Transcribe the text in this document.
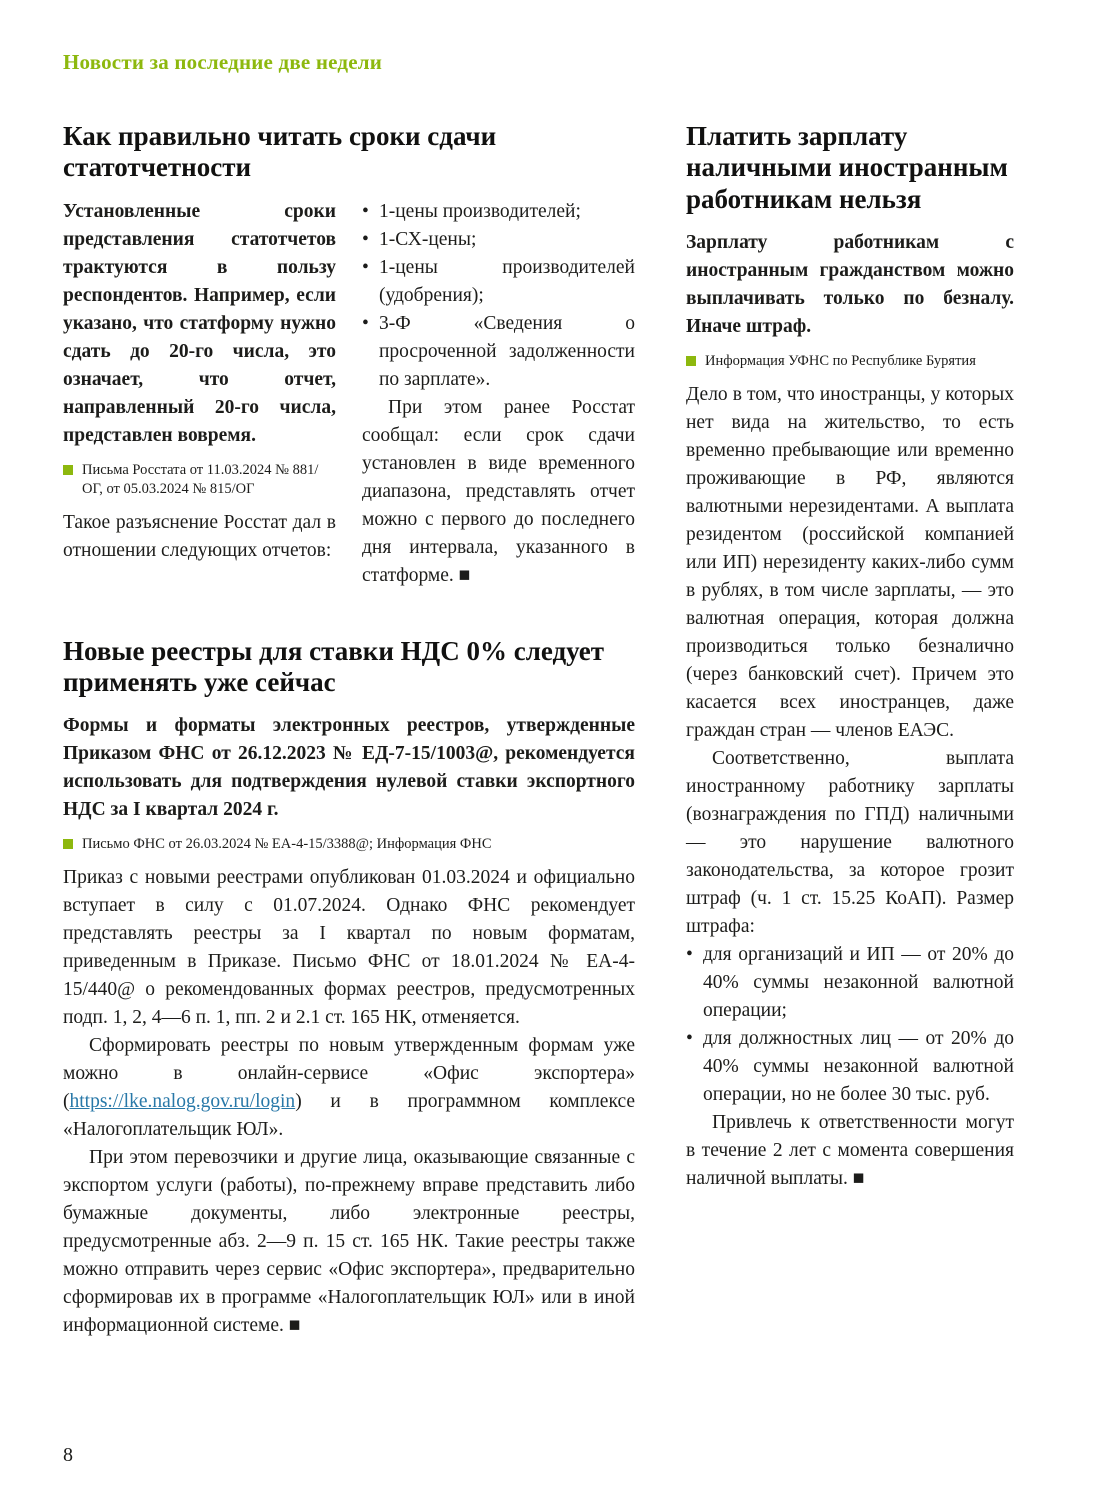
Новости за последние две недели
Как правильно читать сроки сдачи статотчетности

Установленные сроки представления статотчетов трактуются в пользу респондентов. Например, если указано, что статформу нужно сдать до 20-го числа, это означает, что отчет, направленный 20-го числа, представлен вовремя.

Письма Росстата от 11.03.2024 № 881/ОГ, от 05.03.2024 № 815/ОГ

Такое разъяснение Росстат дал в отношении следующих отчетов:

• 1-цены производителей;
• 1-СХ-цены;
• 1-цены производителей (удобрения);
• 3-Ф «Сведения о просроченной задолженности по зарплате».

При этом ранее Росстат сообщал: если срок сдачи установлен в виде временного диапазона, представлять отчет можно с первого до последнего дня интервала, указанного в статформе. ■

Новые реестры для ставки НДС 0% следует применять уже сейчас

Формы и форматы электронных реестров, утвержденные Приказом ФНС от 26.12.2023 № ЕД-7-15/1003@, рекомендуется использовать для подтверждения нулевой ставки экспортного НДС за I квартал 2024 г.

Письмо ФНС от 26.03.2024 № ЕА-4-15/3388@; Информация ФНС

Приказ с новыми реестрами опубликован 01.03.2024 и официально вступает в силу с 01.07.2024. Однако ФНС рекомендует представлять реестры за I квартал по новым форматам, приведенным в Приказе. Письмо ФНС от 18.01.2024 № ЕА-4-15/440@ о рекомендованных формах реестров, предусмотренных подп. 1, 2, 4—6 п. 1, пп. 2 и 2.1 ст. 165 НК, отменяется.

Сформировать реестры по новым утвержденным формам уже можно в онлайн-сервисе «Офис экспортера» (https://lke.nalog.gov.ru/login) и в программном комплексе «Налогоплательщик ЮЛ».

При этом перевозчики и другие лица, оказывающие связанные с экспортом услуги (работы), по-прежнему вправе представить либо бумажные документы, либо электронные реестры, предусмотренные абз. 2—9 п. 15 ст. 165 НК. Такие реестры также можно отправить через сервис «Офис экспортера», предварительно сформировав их в программе «Налогоплательщик ЮЛ» или в иной информационной системе. ■

Платить зарплату наличными иностранным работникам нельзя

Зарплату работникам с иностранным гражданством можно выплачивать только по безналу. Иначе штраф.

Информация УФНС по Республике Бурятия

Дело в том, что иностранцы, у которых нет вида на жительство, то есть временно пребывающие или временно проживающие в РФ, являются валютными нерезидентами. А выплата резидентом (российской компанией или ИП) нерезиденту каких-либо сумм в рублях, в том числе зарплаты, — это валютная операция, которая должна производиться только безналично (через банковский счет). Причем это касается всех иностранцев, даже граждан стран — членов ЕАЭС.

Соответственно, выплата иностранному работнику зарплаты (вознаграждения по ГПД) наличными — это нарушение валютного законодательства, за которое грозит штраф (ч. 1 ст. 15.25 КоАП). Размер штрафа:

• для организаций и ИП — от 20% до 40% суммы незаконной валютной операции;
• для должностных лиц — от 20% до 40% суммы незаконной валютной операции, но не более 30 тыс. руб.

Привлечь к ответственности могут в течение 2 лет с момента совершения наличной выплаты. ■

8
